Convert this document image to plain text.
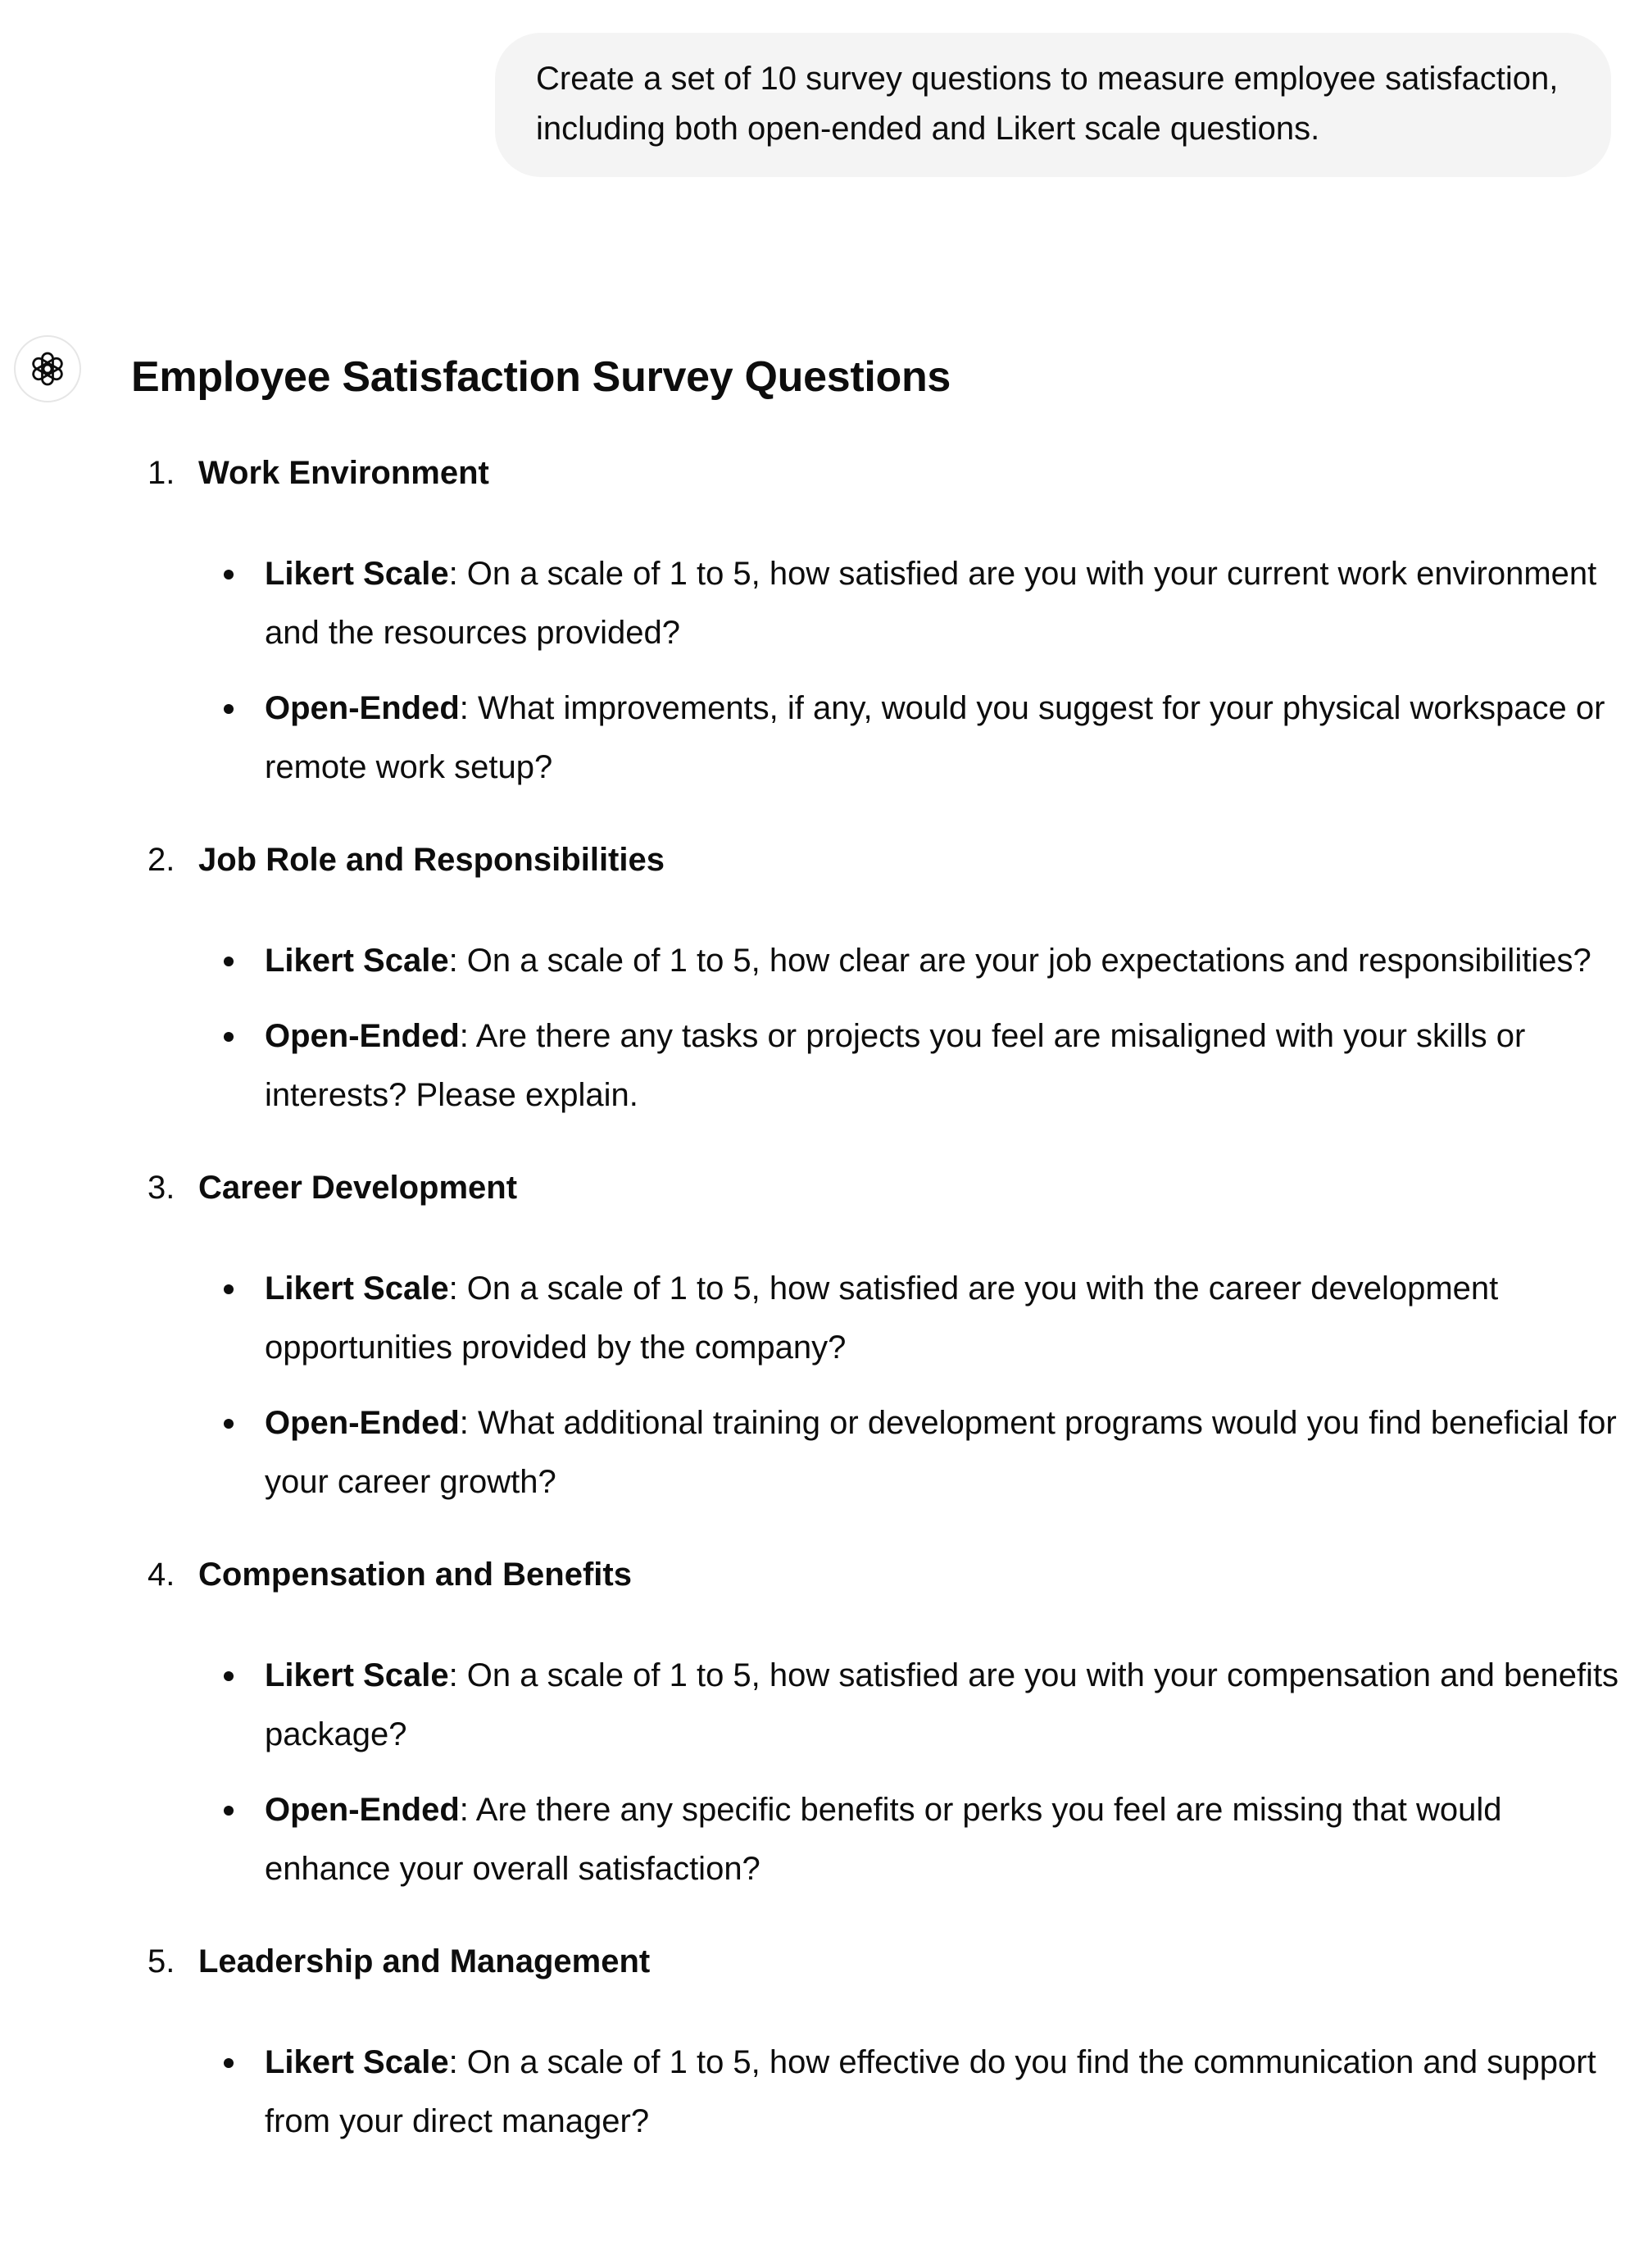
Create a set of 10 survey questions to measure employee satisfaction, including both open-ended and Likert scale questions.
Employee Satisfaction Survey Questions
1. Work Environment
Likert Scale: On a scale of 1 to 5, how satisfied are you with your current work environment and the resources provided?
Open-Ended: What improvements, if any, would you suggest for your physical workspace or remote work setup?
2. Job Role and Responsibilities
Likert Scale: On a scale of 1 to 5, how clear are your job expectations and responsibilities?
Open-Ended: Are there any tasks or projects you feel are misaligned with your skills or interests? Please explain.
3. Career Development
Likert Scale: On a scale of 1 to 5, how satisfied are you with the career development opportunities provided by the company?
Open-Ended: What additional training or development programs would you find beneficial for your career growth?
4. Compensation and Benefits
Likert Scale: On a scale of 1 to 5, how satisfied are you with your compensation and benefits package?
Open-Ended: Are there any specific benefits or perks you feel are missing that would enhance your overall satisfaction?
5. Leadership and Management
Likert Scale: On a scale of 1 to 5, how effective do you find the communication and support from your direct manager?
